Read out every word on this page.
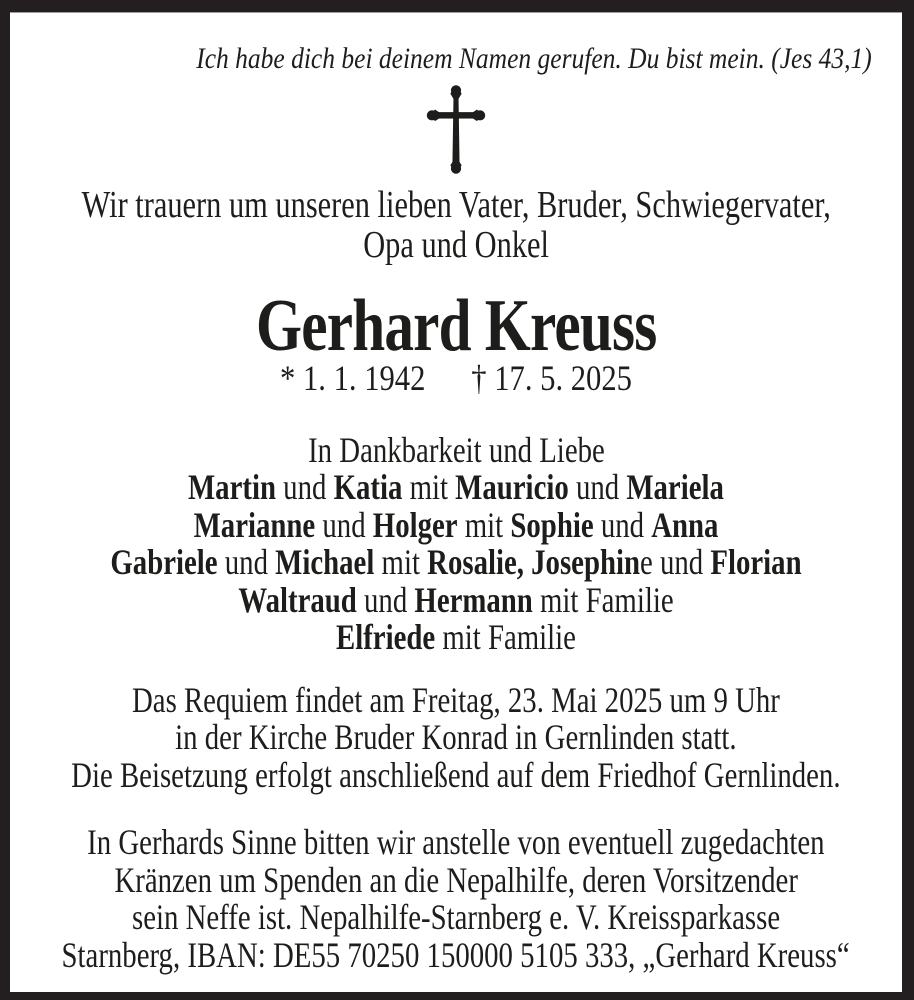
Ich habe dich bei deinem Namen gerufen. Du bist mein. (Jes 43,1)
Wir trauern um unseren lieben Vater, Bruder, Schwiegervater,
Opa und Onkel
Gerhard Kreuss
* 1. 1. 1942 † 17. 5. 2025
In Dankbarkeit und Liebe
Martin und Katia mit Mauricio und Mariela
Marianne und Holger mit Sophie und Anna
Gabriele und Michael mit Rosalie, Josephine und Florian
Waltraud und Hermann mit Familie
Elfriede mit Familie
Das Requiem findet am Freitag, 23. Mai 2025 um 9 Uhr
in der Kirche Bruder Konrad in Gernlinden statt.
Die Beisetzung erfolgt anschließend auf dem Friedhof Gernlinden.
In Gerhards Sinne bitten wir anstelle von eventuell zugedachten
Kränzen um Spenden an die Nepalhilfe, deren Vorsitzender
sein Neffe ist. Nepalhilfe-Starnberg e. V. Kreissparkasse
Starnberg, IBAN: DE55 70250 150000 5105 333, „Gerhard Kreuss“
